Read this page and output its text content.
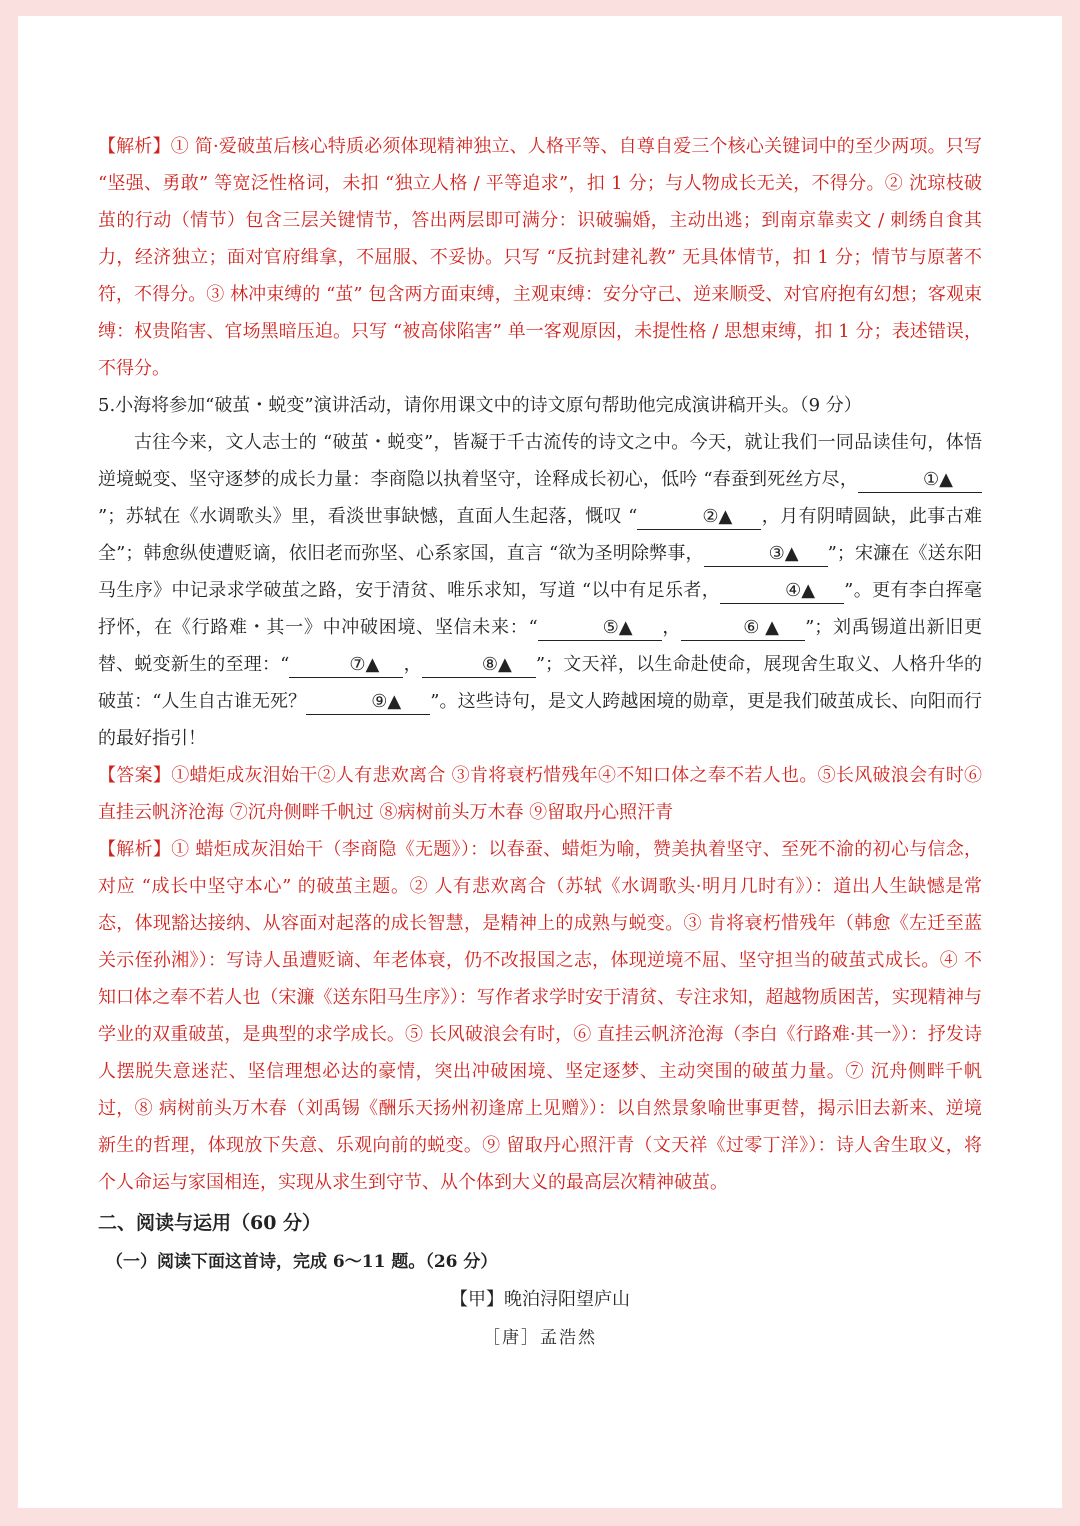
【解析】① 简·爱破茧后核心特质必须体现精神独立、人格平等、自尊自爱三个核心关键词中的至少两项。只写 “坚强、勇敢” 等宽泛性格词，未扣 “独立人格 / 平等追求”，扣 1 分；与人物成长无关，不得分。② 沈琼枝破茧的行动（情节）包含三层关键情节，答出两层即可满分：识破骗婚，主动出逃；到南京靠卖文 / 刺绣自食其力，经济独立；面对官府缉拿，不屈服、不妥协。只写 “反抗封建礼教” 无具体情节，扣 1 分；情节与原著不符，不得分。③ 林冲束缚的 “茧” 包含两方面束缚，主观束缚：安分守己、逆来顺受、对官府抱有幻想；客观束缚：权贵陷害、官场黑暗压迫。只写 “被高俅陷害” 单一客观原因，未提性格 / 思想束缚，扣 1 分；表述错误，不得分。

5.小海将参加“破茧・蜕变”演讲活动，请你用课文中的诗文原句帮助他完成演讲稿开头。（9 分）

古往今来，文人志士的 “破茧・蜕变”，皆凝于千古流传的诗文之中。今天，就让我们一同品读佳句，体悟逆境蜕变、坚守逐梦的成长力量：李商隐以执着坚守，诠释成长初心，低吟 “春蚕到死丝方尽，	①▲”；苏轼在《水调歌头》里，看淡世事缺憾，直面人生起落，慨叹 “	②▲ ，月有阴晴圆缺，此事古难全”；韩愈纵使遭贬谪，依旧老而弥坚、心系家国，直言 “欲为圣明除弊事，	③▲ ”；宋濂在《送东阳马生序》中记录求学破茧之路，安于清贫、唯乐求知，写道 “以中有足乐者，	④▲ ”。更有李白挥毫抒怀，在《行路难・其一》中冲破困境、坚信未来：“	⑤▲ ，	⑥ ▲ ”；刘禹锡道出新旧更替、蜕变新生的至理：“	⑦▲ ，	⑧▲ ”；文天祥，以生命赴使命，展现舍生取义、人格升华的破茧：“人生自古谁无死？	⑨▲ ”。这些诗句，是文人跨越困境的勋章，更是我们破茧成长、向阳而行的最好指引！

【答案】①蜡炬成灰泪始干②人有悲欢离合 ③肯将衰朽惜残年④不知口体之奉不若人也。⑤长风破浪会有时⑥直挂云帆济沧海 ⑦沉舟侧畔千帆过 ⑧病树前头万木春 ⑨留取丹心照汗青

【解析】① 蜡炬成灰泪始干（李商隐《无题》）：以春蚕、蜡炬为喻，赞美执着坚守、至死不渝的初心与信念，对应 “成长中坚守本心” 的破茧主题。② 人有悲欢离合（苏轼《水调歌头·明月几时有》）：道出人生缺憾是常态，体现豁达接纳、从容面对起落的成长智慧，是精神上的成熟与蜕变。③ 肯将衰朽惜残年（韩愈《左迁至蓝关示侄孙湘》）：写诗人虽遭贬谪、年老体衰，仍不改报国之志，体现逆境不屈、坚守担当的破茧式成长。④ 不知口体之奉不若人也（宋濂《送东阳马生序》）：写作者求学时安于清贫、专注求知，超越物质困苦，实现精神与学业的双重破茧，是典型的求学成长。⑤ 长风破浪会有时，⑥ 直挂云帆济沧海（李白《行路难·其一》）：抒发诗人摆脱失意迷茫、坚信理想必达的豪情，突出冲破困境、坚定逐梦、主动突围的破茧力量。⑦ 沉舟侧畔千帆过，⑧ 病树前头万木春（刘禹锡《酬乐天扬州初逢席上见赠》）：以自然景象喻世事更替，揭示旧去新来、逆境新生的哲理，体现放下失意、乐观向前的蜕变。⑨ 留取丹心照汗青（文天祥《过零丁洋》）：诗人舍生取义，将个人命运与家国相连，实现从求生到守节、从个体到大义的最高层次精神破茧。

二、阅读与运用（60 分）

（一）阅读下面这首诗，完成 6～11 题。（26 分）

【甲】晚泊浔阳望庐山

［唐］孟浩然
